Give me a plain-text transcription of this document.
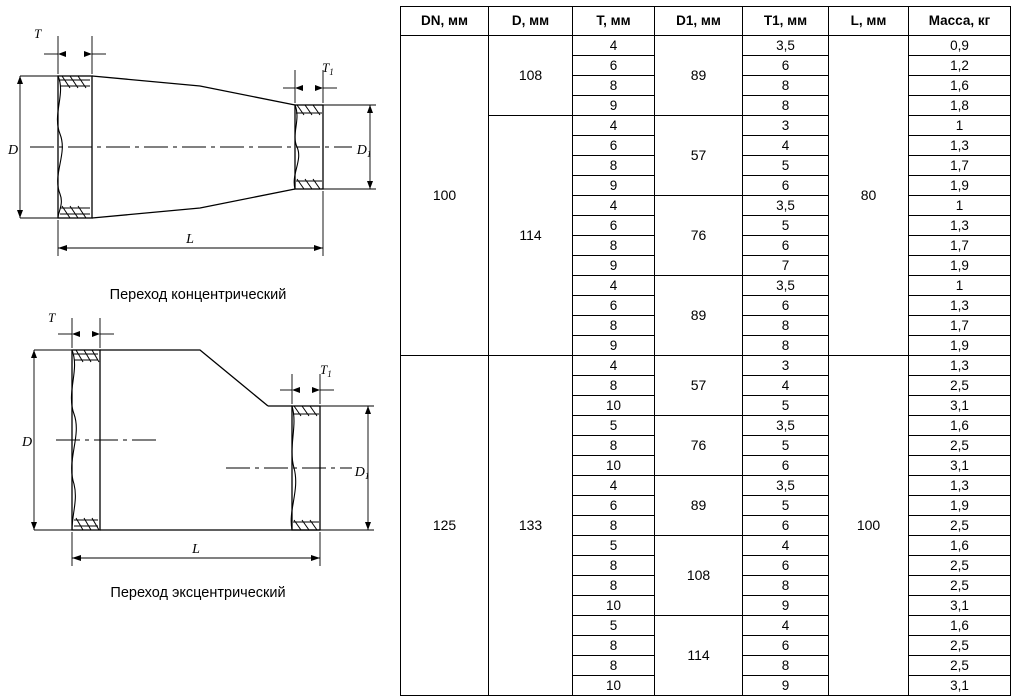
D
T
$T_1$
$D_1$
L
Переход концентрический
D
T
$T_1$
$D_1$
L
Переход эксцентрический
DN, мм	D, мм	T, мм	D1, мм	T1, мм	L, мм	Масса, кг
100	108	4	89	3,5	80	0,9
		6		6		1,2
		8		8		1,6
		9		8		1,8
	114	4	57	3		1
		6		4		1,3
		8		5		1,7
		9		6		1,9
		4	76	3,5		1
		6		5		1,3
		8		6		1,7
		9		7		1,9
		4	89	3,5		1
		6		6		1,3
		8		8		1,7
		9		8		1,9
125	133	4	57	3	100	1,3
		8		4		2,5
		10		5		3,1
		5	76	3,5		1,6
		8		5		2,5
		10		6		3,1
		4	89	3,5		1,3
		6		5		1,9
		8		6		2,5
		5	108	4		1,6
		8		6		2,5
		8		8		2,5
		10		9		3,1
		5	114	4		1,6
		8		6		2,5
		8		8		2,5
		10		9		3,1
